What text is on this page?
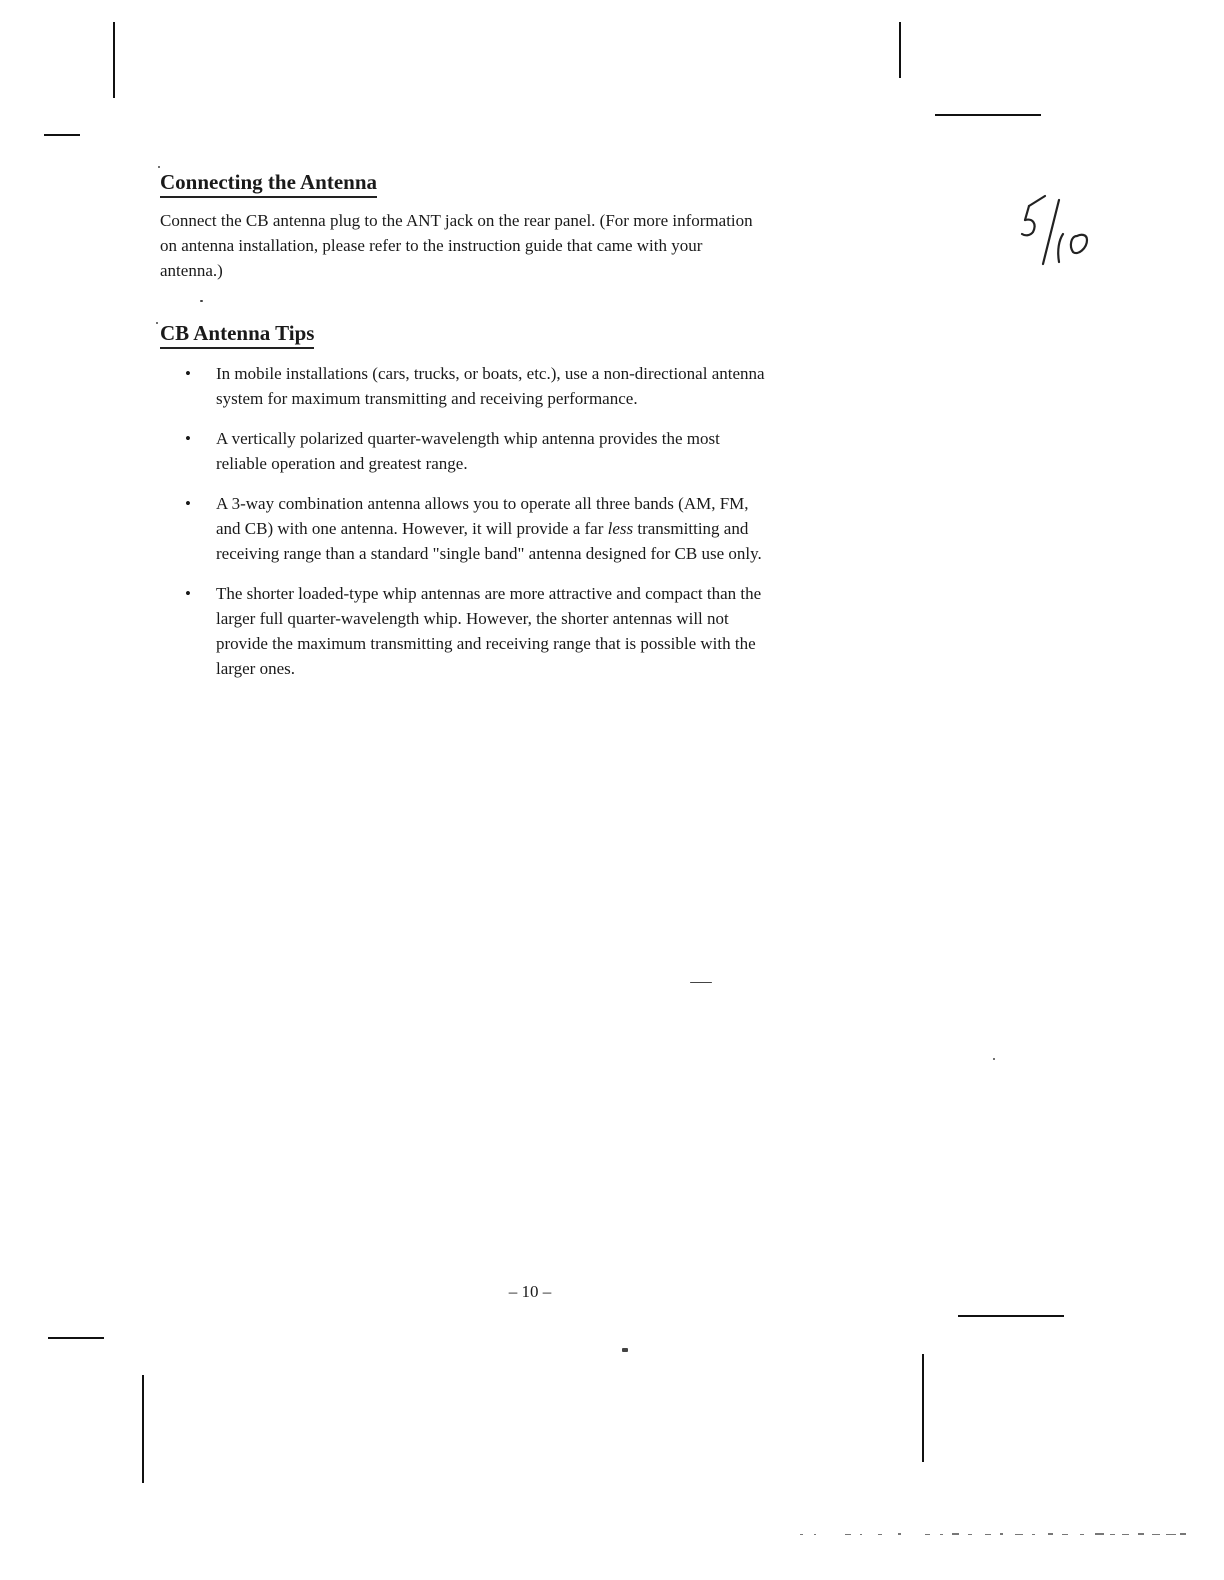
Connecting the Antenna

Connect the CB antenna plug to the ANT jack on the rear panel. (For more information
on antenna installation, please refer to the instruction guide that came with your
antenna.)

CB Antenna Tips
• In mobile installations (cars, trucks, or boats, etc.), use a non-directional antenna
system for maximum transmitting and receiving performance.
• A vertically polarized quarter-wavelength whip antenna provides the most
reliable operation and greatest range.
• A 3-way combination antenna allows you to operate all three bands (AM, FM,
and CB) with one antenna. However, it will provide a far less transmitting and
receiving range than a standard "single band" antenna designed for CB use only.
• The shorter loaded-type whip antennas are more attractive and compact than the
larger full quarter-wavelength whip. However, the shorter antennas will not
provide the maximum transmitting and receiving range that is possible with the
larger ones.
– 10 –
